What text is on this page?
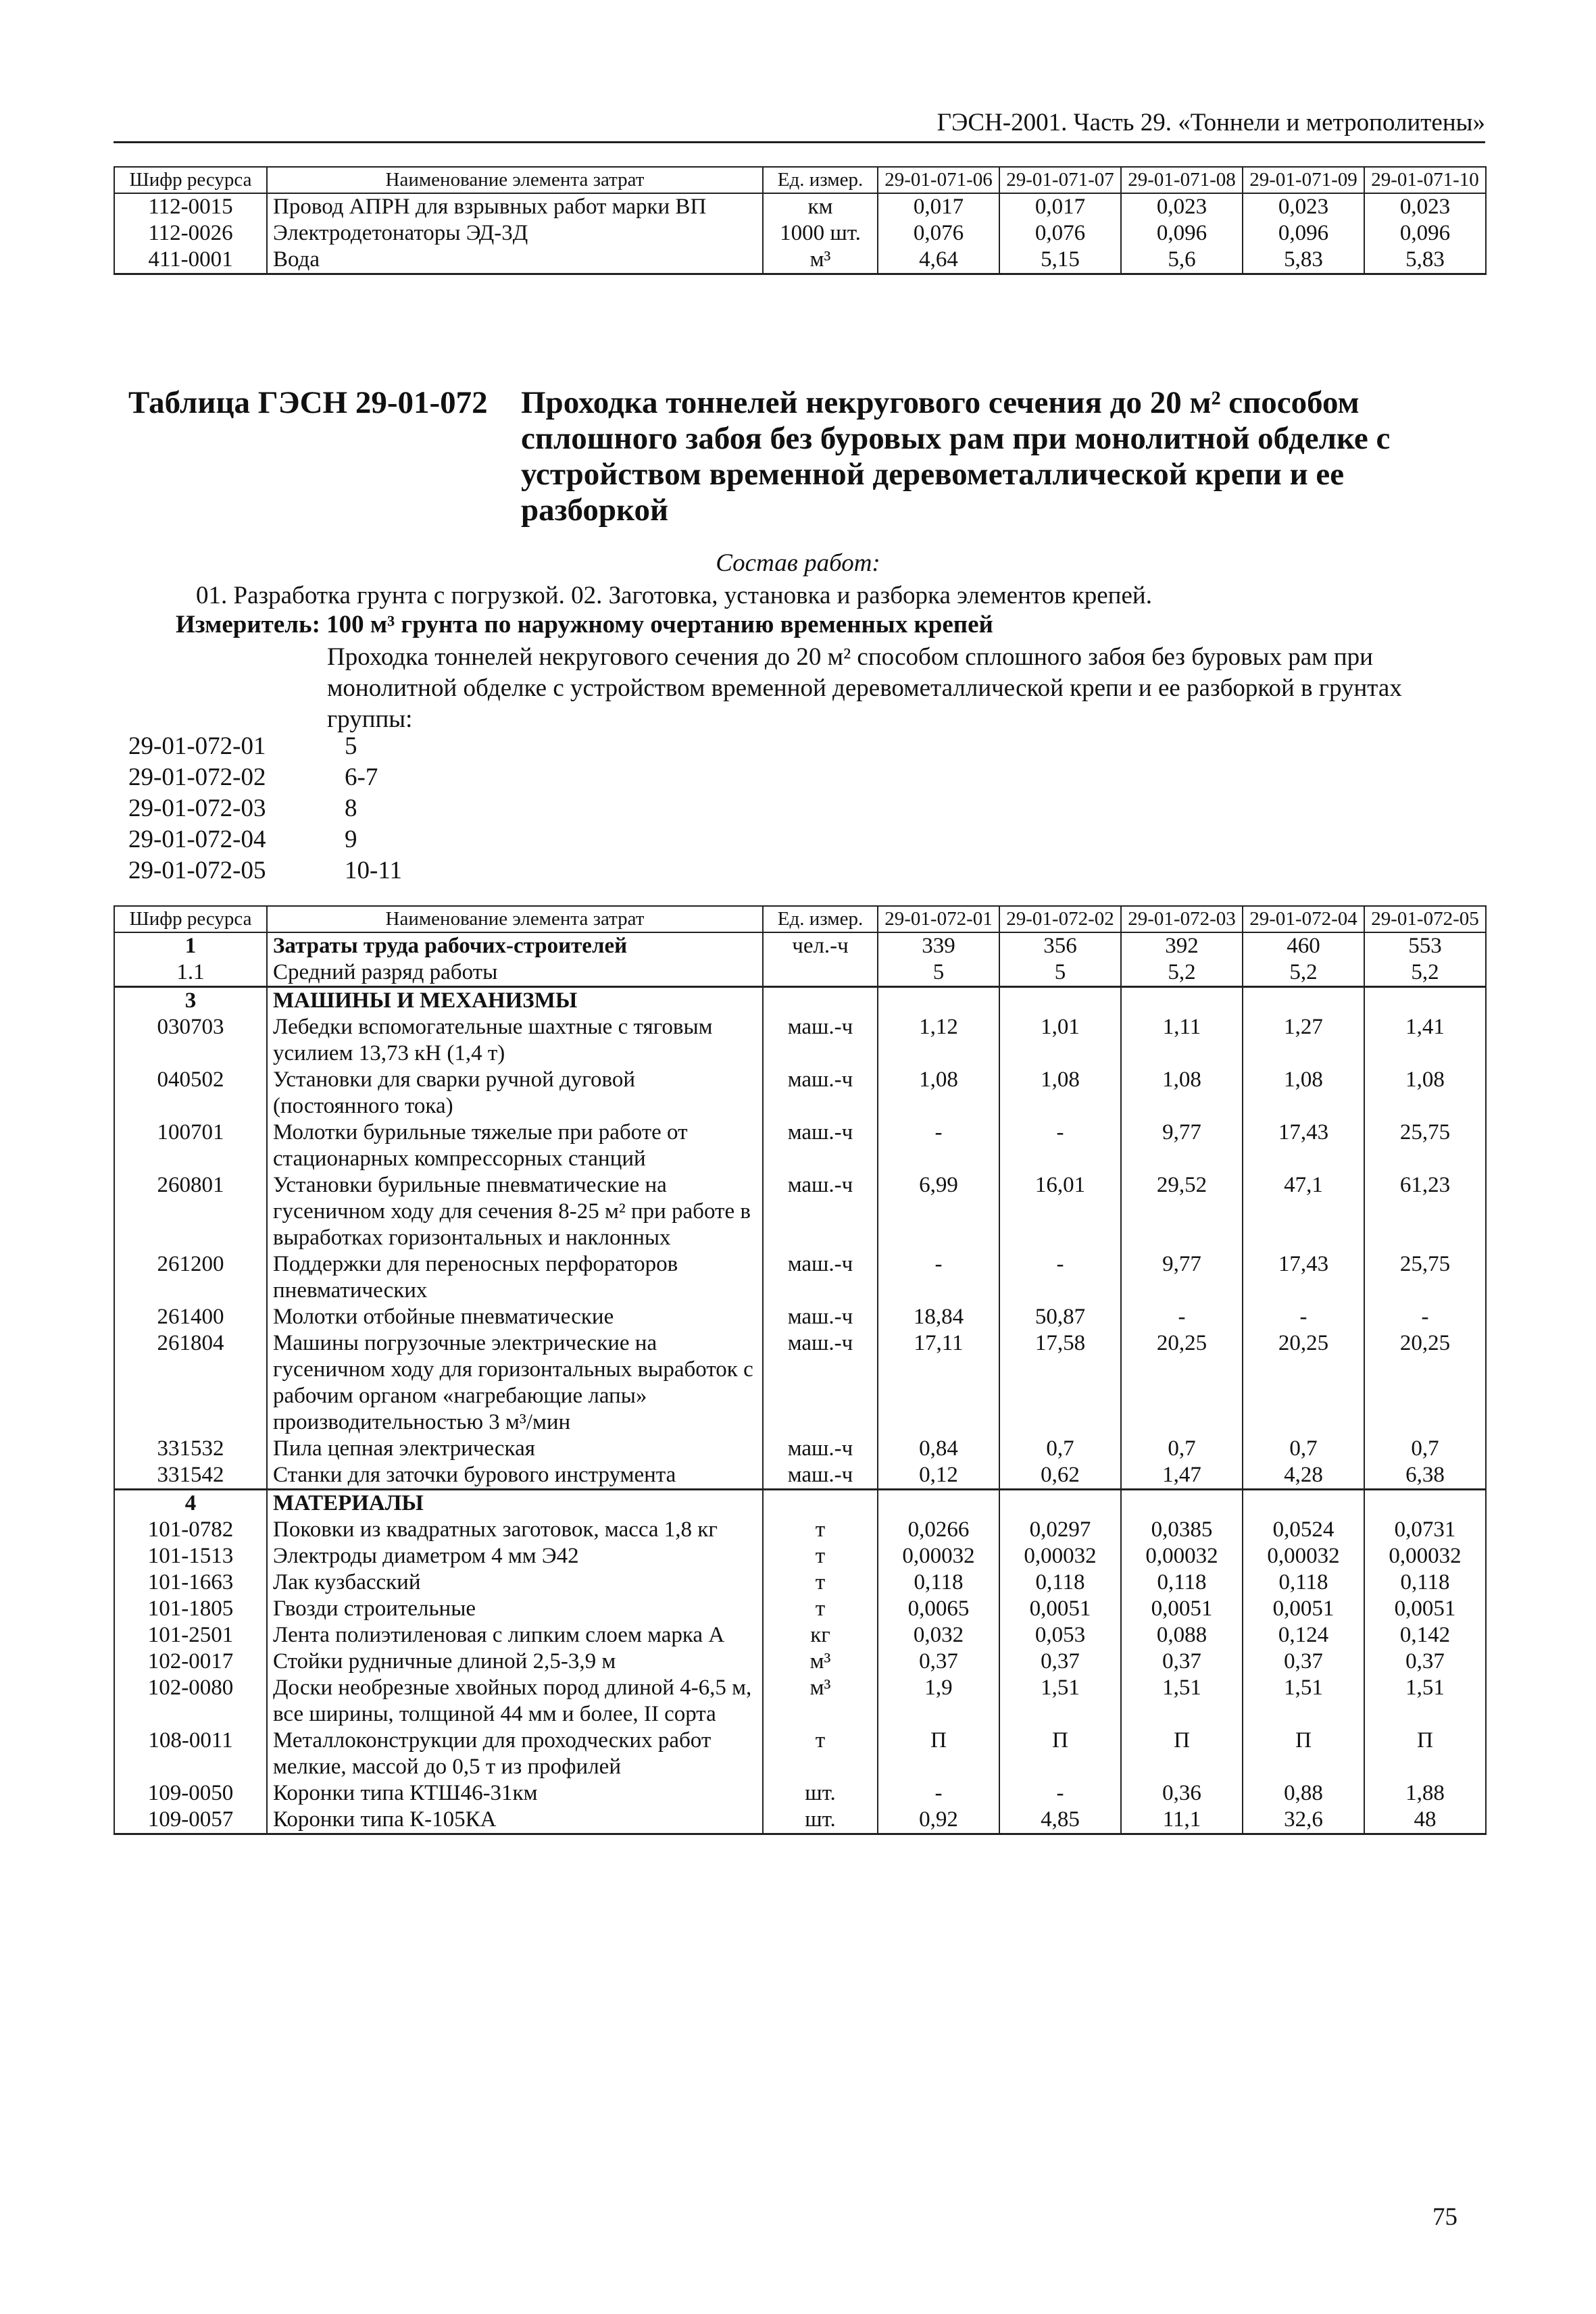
ГЭСН-2001. Часть 29. «Тоннели и метрополитены»
Шифр ресурса	Наименование элемента затрат	Ед. измер.	29-01-071-06	29-01-071-07	29-01-071-08	29-01-071-09	29-01-071-10
112-0015	Провод АПРН для взрывных работ марки ВП	км	0,017	0,017	0,023	0,023	0,023
112-0026	Электродетонаторы ЭД-3Д	1000 шт.	0,076	0,076	0,096	0,096	0,096
411-0001	Вода	м³	4,64	5,15	5,6	5,83	5,83
Таблица ГЭСН 29-01-072 Проходка тоннелей некругового сечения до 20 м² способом сплошного забоя без буровых рам при монолитной обделке с устройством временной деревометаллической крепи и ее разборкой
Состав работ:
01. Разработка грунта с погрузкой. 02. Заготовка, установка и разборка элементов крепей.
Измеритель: 100 м³ грунта по наружному очертанию временных крепей
Проходка тоннелей некругового сечения до 20 м² способом сплошного забоя без буровых рам при монолитной обделке с устройством временной деревометаллической крепи и ее разборкой в грунтах группы:
29-01-072-01	5
29-01-072-02	6-7
29-01-072-03	8
29-01-072-04	9
29-01-072-05	10-11
Шифр ресурса	Наименование элемента затрат	Ед. измер.	29-01-072-01	29-01-072-02	29-01-072-03	29-01-072-04	29-01-072-05
1	Затраты труда рабочих-строителей	чел.-ч	339	356	392	460	553
1.1	Средний разряд работы		5	5	5,2	5,2	5,2
3	МАШИНЫ И МЕХАНИЗМЫ						
030703	Лебедки вспомогательные шахтные с тяговым усилием 13,73 кН (1,4 т)	маш.-ч	1,12	1,01	1,11	1,27	1,41
040502	Установки для сварки ручной дуговой (постоянного тока)	маш.-ч	1,08	1,08	1,08	1,08	1,08
100701	Молотки бурильные тяжелые при работе от стационарных компрессорных станций	маш.-ч	-	-	9,77	17,43	25,75
260801	Установки бурильные пневматические на гусеничном ходу для сечения 8-25 м² при работе в выработках горизонтальных и наклонных	маш.-ч	6,99	16,01	29,52	47,1	61,23
261200	Поддержки для переносных перфораторов пневматических	маш.-ч	-	-	9,77	17,43	25,75
261400	Молотки отбойные пневматические	маш.-ч	18,84	50,87	-	-	-
261804	Машины погрузочные электрические на гусеничном ходу для горизонтальных выработок с рабочим органом «нагребающие лапы» производительностью 3 м³/мин	маш.-ч	17,11	17,58	20,25	20,25	20,25
331532	Пила цепная электрическая	маш.-ч	0,84	0,7	0,7	0,7	0,7
331542	Станки для заточки бурового инструмента	маш.-ч	0,12	0,62	1,47	4,28	6,38
4	МАТЕРИАЛЫ						
101-0782	Поковки из квадратных заготовок, масса 1,8 кг	т	0,0266	0,0297	0,0385	0,0524	0,0731
101-1513	Электроды диаметром 4 мм Э42	т	0,00032	0,00032	0,00032	0,00032	0,00032
101-1663	Лак кузбасский	т	0,118	0,118	0,118	0,118	0,118
101-1805	Гвозди строительные	т	0,0065	0,0051	0,0051	0,0051	0,0051
101-2501	Лента полиэтиленовая с липким слоем марка А	кг	0,032	0,053	0,088	0,124	0,142
102-0017	Стойки рудничные длиной 2,5-3,9 м	м³	0,37	0,37	0,37	0,37	0,37
102-0080	Доски необрезные хвойных пород длиной 4-6,5 м, все ширины, толщиной 44 мм и более, II сорта	м³	1,9	1,51	1,51	1,51	1,51
108-0011	Металлоконструкции для проходческих работ мелкие, массой до 0,5 т из профилей	т	П	П	П	П	П
109-0050	Коронки типа КТШ46-31км	шт.	-	-	0,36	0,88	1,88
109-0057	Коронки типа К-105КА	шт.	0,92	4,85	11,1	32,6	48
75
